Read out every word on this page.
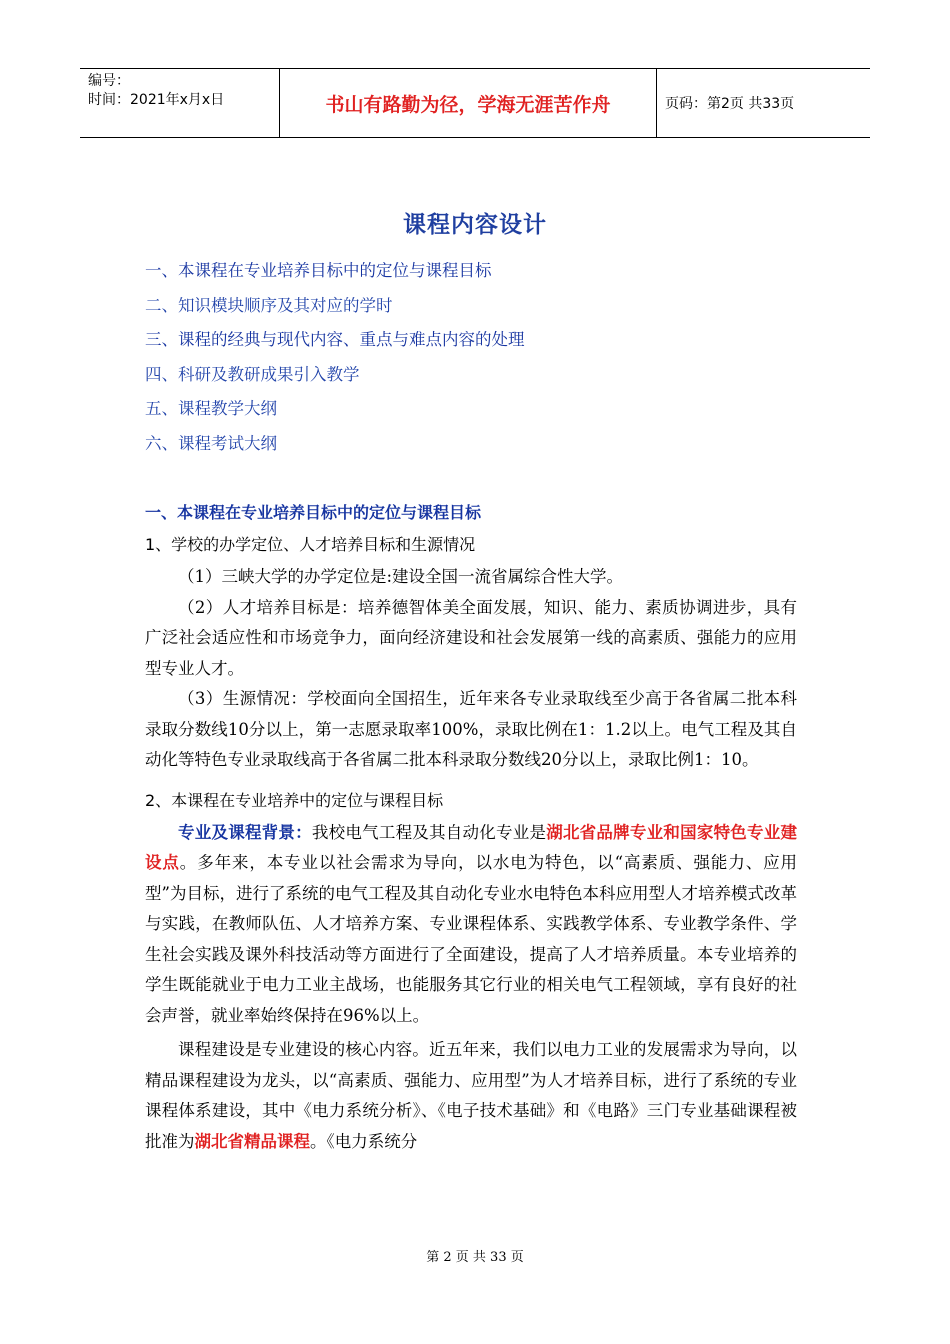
编号：
时间：2021年x月x日	书山有路勤为径，学海无涯苦作舟	页码：第2页 共33页
课程内容设计
一、本课程在专业培养目标中的定位与课程目标
二、知识模块顺序及其对应的学时
三、课程的经典与现代内容、重点与难点内容的处理
四、科研及教研成果引入教学
五、课程教学大纲
六、课程考试大纲
一、本课程在专业培养目标中的定位与课程目标
1、学校的办学定位、人才培养目标和生源情况
（1）三峡大学的办学定位是:建设全国一流省属综合性大学。
（2）人才培养目标是：培养德智体美全面发展，知识、能力、素质协调进步，具有广泛社会适应性和市场竞争力，面向经济建设和社会发展第一线的高素质、强能力的应用型专业人才。
（3）生源情况：学校面向全国招生，近年来各专业录取线至少高于各省属二批本科录取分数线10分以上，第一志愿录取率100%，录取比例在1：1.2以上。电气工程及其自动化等特色专业录取线高于各省属二批本科录取分数线20分以上，录取比例1：10。
2、本课程在专业培养中的定位与课程目标
专业及课程背景：我校电气工程及其自动化专业是湖北省品牌专业和国家特色专业建设点。多年来，本专业以社会需求为导向，以水电为特色，以“高素质、强能力、应用型”为目标，进行了系统的电气工程及其自动化专业水电特色本科应用型人才培养模式改革与实践，在教师队伍、人才培养方案、专业课程体系、实践教学体系、专业教学条件、学生社会实践及课外科技活动等方面进行了全面建设，提高了人才培养质量。本专业培养的学生既能就业于电力工业主战场，也能服务其它行业的相关电气工程领域，享有良好的社会声誉，就业率始终保持在96%以上。
课程建设是专业建设的核心内容。近五年来，我们以电力工业的发展需求为导向，以精品课程建设为龙头，以“高素质、强能力、应用型”为人才培养目标，进行了系统的专业课程体系建设，其中《电力系统分析》、《电子技术基础》和《电路》三门专业基础课程被批准为湖北省精品课程。《电力系统分
第 2 页 共 33 页
